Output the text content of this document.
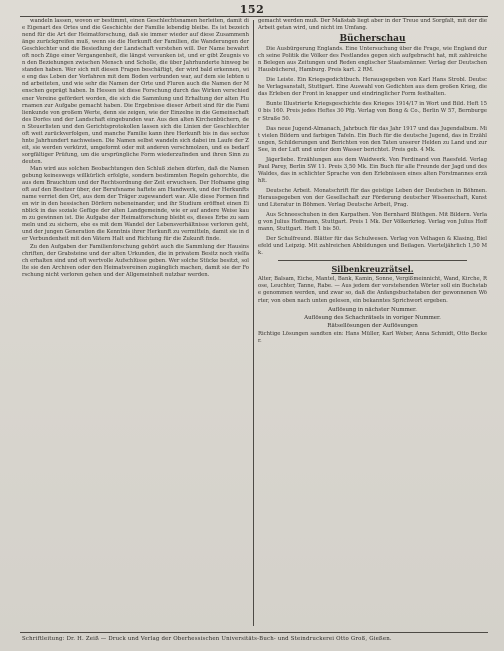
152

wandeln lassen, wovon er bestimmt, einen Geschlechtsnamen herleiten, damit die Eigenart des Ortes und die Geschichte der Familie lebendig bleibe. Es ist bezeichnend für die Art der Heimatforschung, daß sie immer wieder auf diese Zusammenhänge zurückgreifen muß, wenn sie die Herkunft der Familien, die Wanderungen der Geschlechter und die Besiedlung der Landschaft verstehen will. Der Name bewahrt oft noch Züge einer Vergangenheit, die längst versunken ist, und er gibt Zeugnis von den Beziehungen zwischen Mensch und Scholle, die über Jahrhunderte hinweg bestanden haben. Wer sich mit diesen Fragen beschäftigt, der wird bald erkennen, wie eng das Leben der Vorfahren mit dem Boden verbunden war, auf dem sie lebten und arbeiteten, und wie sehr die Namen der Orte und Fluren auch die Namen der Menschen geprägt haben. In Hessen ist diese Forschung durch das Wirken verschiedener Vereine gefördert worden, die sich die Sammlung und Erhaltung der alten Flurnamen zur Aufgabe gemacht haben. Die Ergebnisse dieser Arbeit sind für die Familienkunde von großem Werte, denn sie zeigen, wie der Einzelne in die Gemeinschaft des Dorfes und der Landschaft eingebunden war. Aus den alten Kirchenbüchern, den Steuerlisten und den Gerichtsprotokollen lassen sich die Linien der Geschlechter oft weit zurückverfolgen, und manche Familie kann ihre Herkunft bis in das sechzehnte Jahrhundert nachweisen. Die Namen selbst wandeln sich dabei im Laufe der Zeit, sie werden verkürzt, umgeformt oder mit anderen verschmolzen, und es bedarf sorgfältiger Prüfung, um die ursprüngliche Form wiederzufinden und ihren Sinn zu deuten.

Man wird aus solchen Beobachtungen den Schluß ziehen dürfen, daß die Namengebung keineswegs willkürlich erfolgte, sondern bestimmten Regeln gehorchte, die aus dem Brauchtum und der Rechtsordnung der Zeit erwuchsen. Der Hofname ging oft auf den Besitzer über, der Berufsname haftete am Handwerk, und der Herkunftsname verriet den Ort, aus dem der Träger zugewandert war. Alle diese Formen finden wir in den hessischen Dörfern nebeneinander, und ihr Studium eröffnet einen Einblick in das soziale Gefüge der alten Landgemeinde, wie er auf andere Weise kaum zu gewinnen ist. Die Aufgabe der Heimatforschung bleibt es, dieses Erbe zu sammeln und zu sichern, ehe es mit dem Wandel der Lebensverhältnisse verloren geht, und der jungen Generation die Kenntnis ihrer Herkunft zu vermitteln, damit sie in der Verbundenheit mit den Vätern Halt und Richtung für die Zukunft finde.

Zu den Aufgaben der Familienforschung gehört auch die Sammlung der Hausinschriften, der Grabsteine und der alten Urkunden, die in privatem Besitz noch vielfach erhalten sind und oft wertvolle Aufschlüsse geben. Wer solche Stücke besitzt, sollte sie den Archiven oder den Heimatvereinen zugänglich machen, damit sie der Forschung nicht verloren gehen und der Allgemeinheit nutzbar werden.

gemacht werden muß. Der Maßstab liegt aber in der Treue und Sorgfalt, mit der die Arbeit getan wird, und nicht im Umfang.

Bücherschau

Die Ausbürgerung Englands. Eine Untersuchung über die Frage, wie England durch seine Politik die Völker des Festlandes gegen sich aufgebracht hat, mit zahlreichen Belegen aus Zeitungen und Reden englischer Staatsmänner. Verlag der Deutschen Hausbücherei, Hamburg. Preis kart. 2 RM.

Die Leiste. Ein Kriegsgedichtbuch. Herausgegeben von Karl Hans Strobl. Deutsche Verlagsanstalt, Stuttgart. Eine Auswahl von Gedichten aus dem großen Krieg, die das Erleben der Front in knapper und eindringlicher Form festhalten.

Bunte Illustrierte Kriegsgeschichte des Krieges 1914/17 in Wort und Bild. Heft 150 bis 160. Preis jedes Heftes 30 Pfg. Verlag von Bong & Co., Berlin W 57, Bernburger Straße 50.

Das neue Jugend-Almanach, Jahrbuch für das Jahr 1917 und das Jugendalbum. Mit vielen Bildern und farbigen Tafeln. Ein Buch für die deutsche Jugend, das in Erzählungen, Schilderungen und Berichten von den Taten unserer Helden zu Land und zur See, in der Luft und unter dem Wasser berichtet. Preis geb. 4 Mk.

Jägerliebe. Erzählungen aus dem Waidwerk. Von Ferdinand von Raesfeld. Verlag Paul Parey, Berlin SW 11. Preis 3,50 Mk. Ein Buch für alle Freunde der Jagd und des Waldes, das in schlichter Sprache von den Erlebnissen eines alten Forstmannes erzählt.

Deutsche Arbeit. Monatschrift für das geistige Leben der Deutschen in Böhmen. Herausgegeben von der Gesellschaft zur Förderung deutscher Wissenschaft, Kunst und Literatur in Böhmen. Verlag Deutsche Arbeit, Prag.

Aus Schneeschuhen in den Karpathen. Von Bernhard Blüthgen. Mit Bildern. Verlag von Julius Hoffmann, Stuttgart. Preis 1 Mk. Der Völkerkrieg. Verlag von Julius Hoffmann, Stuttgart. Heft 1 bis 50.

Der Schulfreund. Blätter für das Schulwesen. Verlag von Velhagen & Klasing, Bielefeld und Leipzig. Mit zahlreichen Abbildungen und Beilagen. Vierteljährlich 1,50 Mk.

Silbenkreuzrätsel.

Alter, Balsam, Eiche, Mantel, Bank, Kamin, Sonne, Vergißmeinnicht, Wand, Kirche, Rose, Leuchter, Tanne, Rabe. — Aus jedem der vorstehenden Wörter soll ein Buchstabe genommen werden, und zwar so, daß die Anfangsbuchstaben der gewonnenen Wörter, von oben nach unten gelesen, ein bekanntes Sprichwort ergeben.

Auflösung in nächster Nummer.
Auflösung des Schachrätsels in voriger Nummer.
Rätsellösungen der Auflösungen

Richtige Lösungen sandten ein: Hans Müller, Karl Weber, Anna Schmidt, Otto Becker.

Schriftleitung: Dr. H. Zeiß — Druck und Verlag der Oberhessischen Universitäts-Buch- und Steindruckerei Otto Groß, Gießen.
